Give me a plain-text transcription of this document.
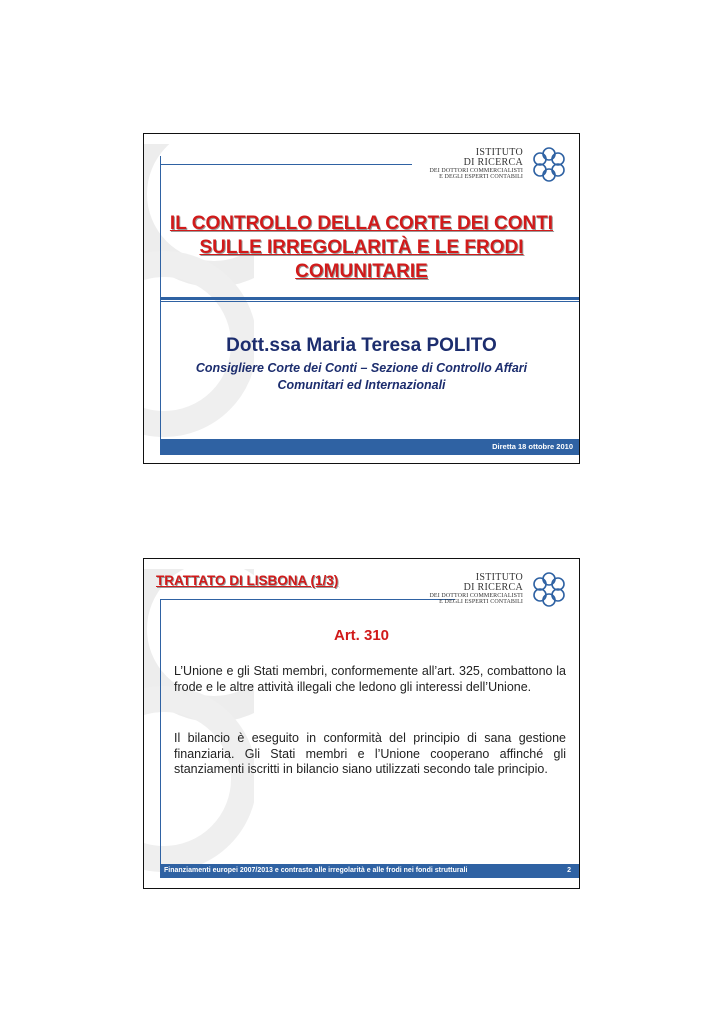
ISTITUTO
DI RICERCA
DEI DOTTORI COMMERCIALISTI
E DEGLI ESPERTI CONTABILI
IL CONTROLLO DELLA CORTE DEI CONTI SULLE IRREGOLARITÀ E LE FRODI COMUNITARIE
Dott.ssa Maria Teresa POLITO
Consigliere Corte dei Conti – Sezione di Controllo Affari
Comunitari ed Internazionali
Diretta 18 ottobre 2010
TRATTATO DI LISBONA (1/3)	ISTITUTO
DI RICERCA
DEI DOTTORI COMMERCIALISTI
E DEGLI ESPERTI CONTABILI
Art. 310
L’Unione e gli Stati membri, conformemente all’art. 325, combattono la frode e le altre attività illegali che ledono gli interessi dell’Unione.
Il bilancio è eseguito in conformità del principio di sana gestione finanziaria. Gli Stati membri e l’Unione cooperano affinché gli stanziamenti iscritti in bilancio siano utilizzati secondo tale principio.
Finanziamenti europei 2007/2013 e contrasto alle irregolarità e alle frodi nei fondi strutturali	2
